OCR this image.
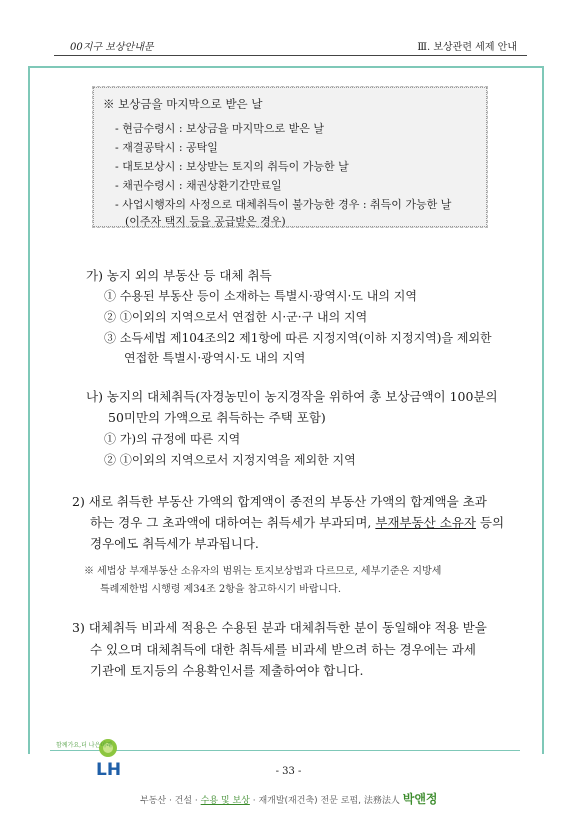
00지구 보상안내문	Ⅲ. 보상관련 세제 안내
※ 보상금을 마지막으로 받은 날
- 현금수령시 : 보상금을 마지막으로 받은 날
- 재결공탁시 : 공탁일
- 대토보상시 : 보상받는 토지의 취득이 가능한 날
- 채권수령시 : 채권상환기간만료일
- 사업시행자의 사정으로 대체취득이 불가능한 경우 : 취득이 가능한 날
(이주자 택지 등을 공급받은 경우)
가) 농지 외의 부동산 등 대체 취득
① 수용된 부동산 등이 소재하는 특별시·광역시·도 내의 지역
② ①이외의 지역으로서 연접한 시·군·구 내의 지역
③ 소득세법 제104조의2 제1항에 따른 지정지역(이하 지정지역)을 제외한
연접한 특별시·광역시·도 내의 지역
나) 농지의 대체취득(자경농민이 농지경작을 위하여 총 보상금액이 100분의
50미만의 가액으로 취득하는 주택 포함)
① 가)의 규정에 따른 지역
② ①이외의 지역으로서 지정지역을 제외한 지역
2) 새로 취득한 부동산 가액의 합계액이 종전의 부동산 가액의 합계액을 초과
하는 경우 그 초과액에 대하여는 취득세가 부과되며, 부재부동산 소유자 등의
경우에도 취득세가 부과됩니다.
※ 세법상 부재부동산 소유자의 범위는 토지보상법과 다르므로, 세부기준은 지방세
특례제한법 시행령 제34조 2항을 참고하시기 바랍니다.
3) 대체취득 비과세 적용은 수용된 분과 대체취득한 분이 동일해야 적용 받을
수 있으며 대체취득에 대한 취득세를 비과세 받으려 하는 경우에는 과세
기관에 토지등의 수용확인서를 제출하여야 합니다.
함께가요,더 나은미래
LH	- 33 -
부동산 · 건설 · 수용 및 보상 · 재개발(재건축) 전문 로펌, 法務法人 박앤정
